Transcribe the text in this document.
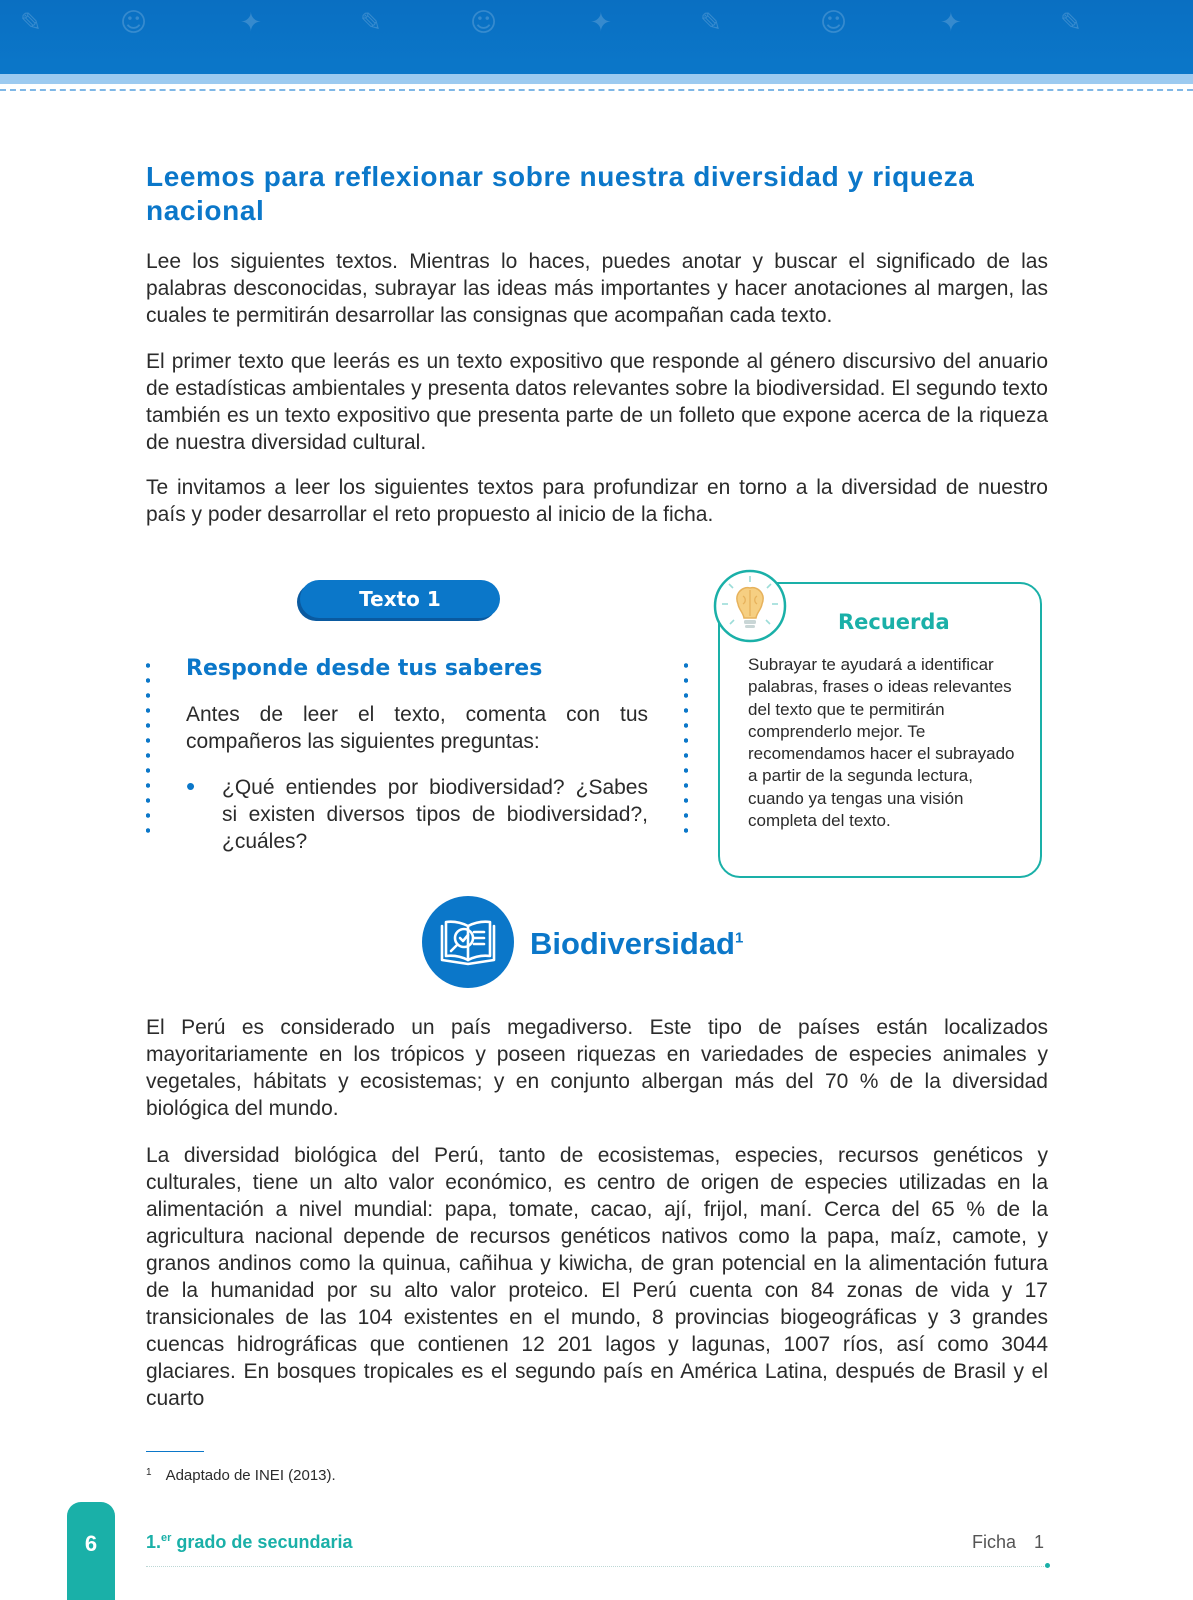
✎	☺	✦	✎	☺	✦	✎	☺	✦	✎
Leemos para reflexionar sobre nuestra diversidad y riqueza nacional
Lee los siguientes textos. Mientras lo haces, puedes anotar y buscar el significado de las palabras desconocidas, subrayar las ideas más importantes y hacer anotaciones al margen, las cuales te permitirán desarrollar las consignas que acompañan cada texto.
El primer texto que leerás es un texto expositivo que responde al género discursivo del anuario de estadísticas ambientales y presenta datos relevantes sobre la biodiversidad. El segundo texto también es un texto expositivo que presenta parte de un folleto que expone acerca de la riqueza de nuestra diversidad cultural.
Te invitamos a leer los siguientes textos para profundizar en torno a la diversidad de nuestro país y poder desarrollar el reto propuesto al inicio de la ficha.
Texto 1
Responde desde tus saberes
Antes de leer el texto, comenta con tus compañeros las siguientes preguntas:
• ¿Qué entiendes por biodiversidad? ¿Sabes si existen diversos tipos de biodiversidad?, ¿cuáles?
Recuerda
Subrayar te ayudará a identificar palabras, frases o ideas relevantes del texto que te permitirán comprenderlo mejor. Te recomendamos hacer el subrayado a partir de la segunda lectura, cuando ya tengas una visión completa del texto.
Biodiversidad$^1$
El Perú es considerado un país megadiverso. Este tipo de países están localizados mayoritariamente en los trópicos y poseen riquezas en variedades de especies animales y vegetales, hábitats y ecosistemas; y en conjunto albergan más del 70 % de la diversidad biológica del mundo.
La diversidad biológica del Perú, tanto de ecosistemas, especies, recursos genéticos y culturales, tiene un alto valor económico, es centro de origen de especies utilizadas en la alimentación a nivel mundial: papa, tomate, cacao, ají, frijol, maní. Cerca del 65 % de la agricultura nacional depende de recursos genéticos nativos como la papa, maíz, camote, y granos andinos como la quinua, cañihua y kiwicha, de gran potencial en la alimentación futura de la humanidad por su alto valor proteico. El Perú cuenta con 84 zonas de vida y 17 transicionales de las 104 existentes en el mundo, 8 provincias biogeográficas y 3 grandes cuencas hidrográficas que contienen 12 201 lagos y lagunas, 1007 ríos, así como 3044 glaciares. En bosques tropicales es el segundo país en América Latina, después de Brasil y el cuarto
$^1$ Adaptado de INEI (2013).
6	1.$^{er}$ grado de secundaria	Ficha 1
